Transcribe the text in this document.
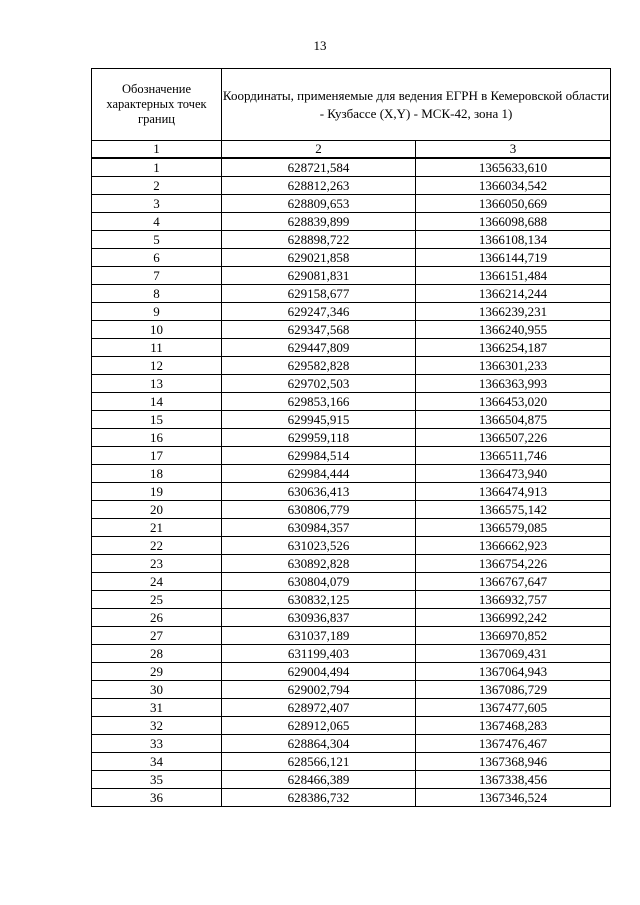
13
Обозначение характерных точек границ	Координаты, применяемые для ведения ЕГРН в Кемеровской области - Кузбассе (X,Y) - МСК-42, зона 1)	
1	2	3
1	628721,584	1365633,610
2	628812,263	1366034,542
3	628809,653	1366050,669
4	628839,899	1366098,688
5	628898,722	1366108,134
6	629021,858	1366144,719
7	629081,831	1366151,484
8	629158,677	1366214,244
9	629247,346	1366239,231
10	629347,568	1366240,955
11	629447,809	1366254,187
12	629582,828	1366301,233
13	629702,503	1366363,993
14	629853,166	1366453,020
15	629945,915	1366504,875
16	629959,118	1366507,226
17	629984,514	1366511,746
18	629984,444	1366473,940
19	630636,413	1366474,913
20	630806,779	1366575,142
21	630984,357	1366579,085
22	631023,526	1366662,923
23	630892,828	1366754,226
24	630804,079	1366767,647
25	630832,125	1366932,757
26	630936,837	1366992,242
27	631037,189	1366970,852
28	631199,403	1367069,431
29	629004,494	1367064,943
30	629002,794	1367086,729
31	628972,407	1367477,605
32	628912,065	1367468,283
33	628864,304	1367476,467
34	628566,121	1367368,946
35	628466,389	1367338,456
36	628386,732	1367346,524
